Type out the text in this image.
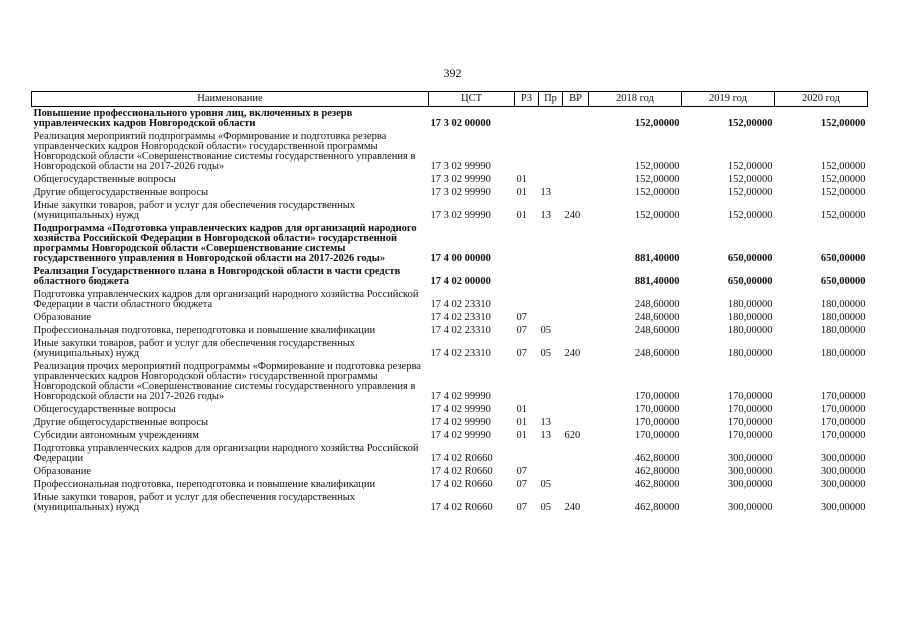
392
Наименование	ЦСТ	РЗ	Пр	ВР	2018 год	2019 год	2020 год
Повышение профессионального уровня лиц, включенных в резерв управленческих кадров Новгородской области	17 3 02 00000				152,00000	152,00000	152,00000
Реализация мероприятий подпрограммы «Формирование и подготовка резерва управленческих кадров Новгородской области» государственной программы Новгородской области «Совершенствование системы государственного управления в Новгородской области на 2017-2026 годы»	17 3 02 99990				152,00000	152,00000	152,00000
Общегосударственные вопросы	17 3 02 99990	01			152,00000	152,00000	152,00000
Другие общегосударственные вопросы	17 3 02 99990	01	13		152,00000	152,00000	152,00000
Иные закупки товаров, работ и услуг для обеспечения государственных (муниципальных) нужд	17 3 02 99990	01	13	240	152,00000	152,00000	152,00000
Подпрограмма «Подготовка управленческих кадров для организаций народного хозяйства Российской Федерации в Новгородской области» государственной программы Новгородской области «Совершенствование системы государственного управления в Новгородской области на 2017-2026 годы»	17 4 00 00000				881,40000	650,00000	650,00000
Реализация Государственного плана в Новгородской области в части средств областного бюджета	17 4 02 00000				881,40000	650,00000	650,00000
Подготовка управленческих кадров для организаций народного хозяйства Российской Федерации в части областного бюджета	17 4 02 23310				248,60000	180,00000	180,00000
Образование	17 4 02 23310	07			248,60000	180,00000	180,00000
Профессиональная подготовка, переподготовка и повышение квалификации	17 4 02 23310	07	05		248,60000	180,00000	180,00000
Иные закупки товаров, работ и услуг для обеспечения государственных (муниципальных) нужд	17 4 02 23310	07	05	240	248,60000	180,00000	180,00000
Реализация прочих мероприятий подпрограммы «Формирование и подготовка резерва управленческих кадров Новгородской области» государственной программы Новгородской области «Совершенствование системы государственного управления в Новгородской области на 2017-2026 годы»	17 4 02 99990				170,00000	170,00000	170,00000
Общегосударственные вопросы	17 4 02 99990	01			170,00000	170,00000	170,00000
Другие общегосударственные вопросы	17 4 02 99990	01	13		170,00000	170,00000	170,00000
Субсидии автономным учреждениям	17 4 02 99990	01	13	620	170,00000	170,00000	170,00000
Подготовка управленческих кадров для организации народного хозяйства Российской Федерации	17 4 02 R0660				462,80000	300,00000	300,00000
Образование	17 4 02 R0660	07			462,80000	300,00000	300,00000
Профессиональная подготовка, переподготовка и повышение квалификации	17 4 02 R0660	07	05		462,80000	300,00000	300,00000
Иные закупки товаров, работ и услуг для обеспечения государственных (муниципальных) нужд	17 4 02 R0660	07	05	240	462,80000	300,00000	300,00000
